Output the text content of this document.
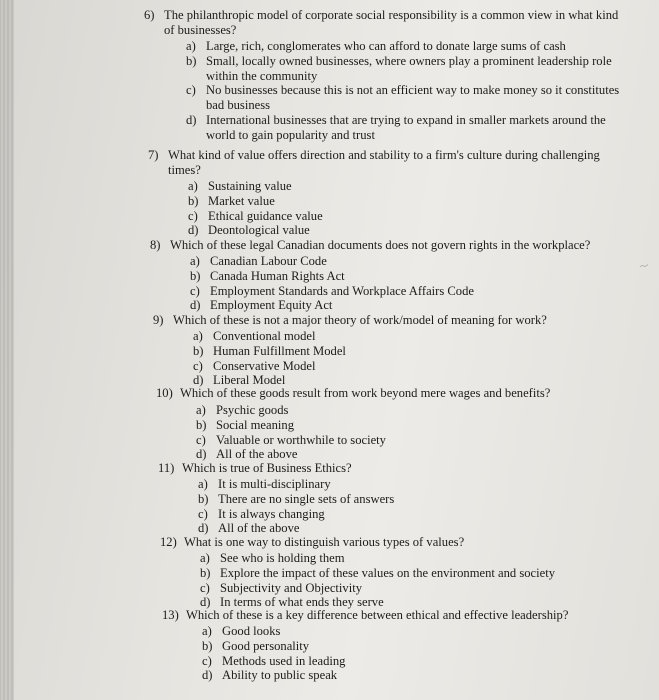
6) The philanthropic model of corporate social responsibility is a common view in what kind of businesses?
a) Large, rich, conglomerates who can afford to donate large sums of cash
b) Small, locally owned businesses, where owners play a prominent leadership role within the community
c) No businesses because this is not an efficient way to make money so it constitutes bad business
d) International businesses that are trying to expand in smaller markets around the world to gain popularity and trust
7) What kind of value offers direction and stability to a firm's culture during challenging times?
a) Sustaining value
b) Market value
c) Ethical guidance value
d) Deontological value
8) Which of these legal Canadian documents does not govern rights in the workplace?
a) Canadian Labour Code
b) Canada Human Rights Act
c) Employment Standards and Workplace Affairs Code
d) Employment Equity Act
9) Which of these is not a major theory of work/model of meaning for work?
a) Conventional model
b) Human Fulfillment Model
c) Conservative Model
d) Liberal Model
10) Which of these goods result from work beyond mere wages and benefits?
a) Psychic goods
b) Social meaning
c) Valuable or worthwhile to society
d) All of the above
11) Which is true of Business Ethics?
a) It is multi-disciplinary
b) There are no single sets of answers
c) It is always changing
d) All of the above
12) What is one way to distinguish various types of values?
a) See who is holding them
b) Explore the impact of these values on the environment and society
c) Subjectivity and Objectivity
d) In terms of what ends they serve
13) Which of these is a key difference between ethical and effective leadership?
a) Good looks
b) Good personality
c) Methods used in leading
d) Ability to public speak
